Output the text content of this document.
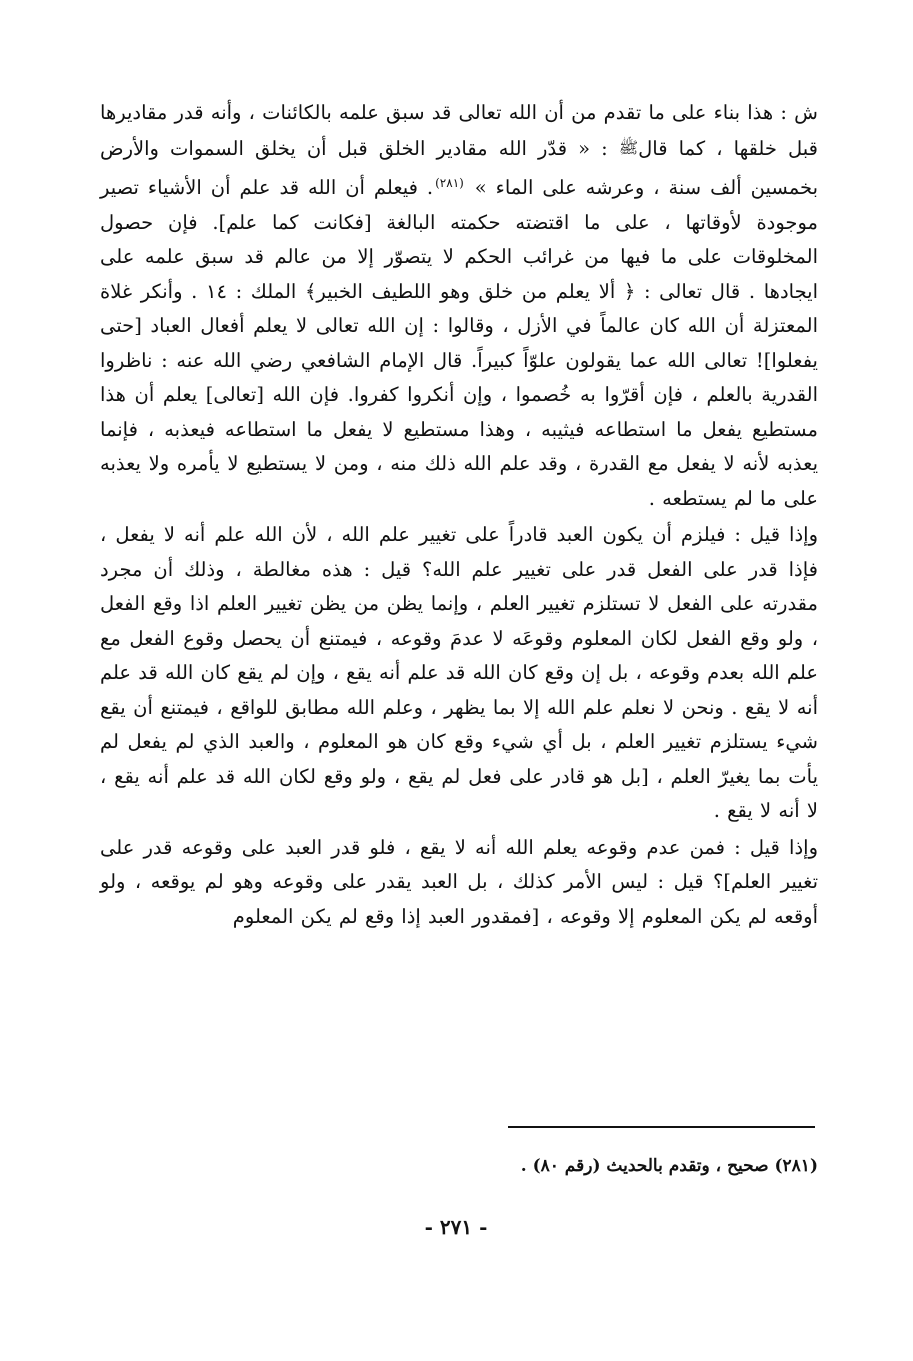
ش : هذا بناء على ما تقدم من أن الله تعالى قد سبق علمه بالكائنات ، وأنه قدر مقاديرها قبل خلقها ، كما قالﷺ : « قدّر الله مقادير الخلق قبل أن يخلق السموات والأرض بخمسين ألف سنة ، وعرشه على الماء » $^{(٢٨١)}$. فيعلم أن الله قد علم أن الأشياء تصير موجودة لأوقاتها ، على ما اقتضته حكمته البالغة [فكانت كما علم]. فإن حصول المخلوقات على ما فيها من غرائب الحكم لا يتصوّر إلا من عالم قد سبق علمه على ايجادها . قال تعالى : ﴿ ألا يعلم من خلق وهو اللطيف الخبير﴾ الملك : ١٤ . وأنكر غلاة المعتزلة أن الله كان عالماً في الأزل ، وقالوا : إن الله تعالى لا يعلم أفعال العباد [حتى يفعلوا]! تعالى الله عما يقولون علوّاً كبيراً. قال الإمام الشافعي رضي الله عنه : ناظروا القدرية بالعلم ، فإن أقرّوا به خُصموا ، وإن أنكروا كفروا. فإن الله [تعالى] يعلم أن هذا مستطيع يفعل ما استطاعه فيثيبه ، وهذا مستطيع لا يفعل ما استطاعه فيعذبه ، فإنما يعذبه لأنه لا يفعل مع القدرة ، وقد علم الله ذلك منه ، ومن لا يستطيع لا يأمره ولا يعذبه على ما لم يستطعه .

وإذا قيل : فيلزم أن يكون العبد قادراً على تغيير علم الله ، لأن الله علم أنه لا يفعل ، فإذا قدر على الفعل قدر على تغيير علم الله؟ قيل : هذه مغالطة ، وذلك أن مجرد مقدرته على الفعل لا تستلزم تغيير العلم ، وإنما يظن من يظن تغيير العلم اذا وقع الفعل ، ولو وقع الفعل لكان المعلوم وقوعَه لا عدمَ وقوعه ، فيمتنع أن يحصل وقوع الفعل مع علم الله بعدم وقوعه ، بل إن وقع كان الله قد علم أنه يقع ، وإن لم يقع كان الله قد علم أنه لا يقع . ونحن لا نعلم علم الله إلا بما يظهر ، وعلم الله مطابق للواقع ، فيمتنع أن يقع شيء يستلزم تغيير العلم ، بل أي شيء وقع كان هو المعلوم ، والعبد الذي لم يفعل لم يأت بما يغيرّ العلم ، [بل هو قادر على فعل لم يقع ، ولو وقع لكان الله قد علم أنه يقع ، لا أنه لا يقع .

وإذا قيل : فمن عدم وقوعه يعلم الله أنه لا يقع ، فلو قدر العبد على وقوعه قدر على تغيير العلم]؟ قيل : ليس الأمر كذلك ، بل العبد يقدر على وقوعه وهو لم يوقعه ، ولو أوقعه لم يكن المعلوم إلا وقوعه ، [فمقدور العبد إذا وقع لم يكن المعلوم

(٢٨١) صحيح ، وتقدم بالحديث (رقم ٨٠) .
- ٢٧١ -
